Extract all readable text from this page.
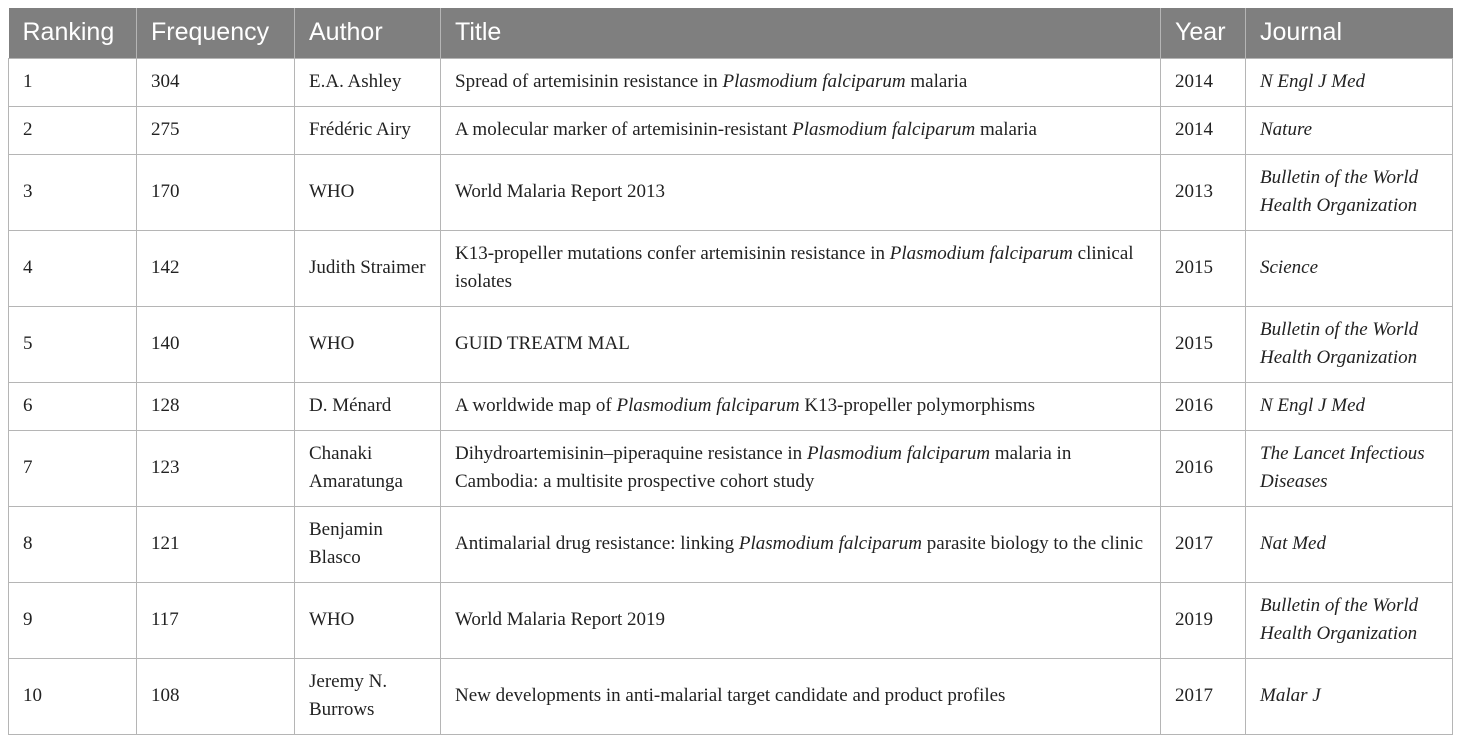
Ranking	Frequency	Author	Title	Year	Journal
1	304	E.A. Ashley	Spread of artemisinin resistance in Plasmodium falciparum malaria	2014	N Engl J Med
2	275	Frédéric Airy	A molecular marker of artemisinin-resistant Plasmodium falciparum malaria	2014	Nature
3	170	WHO	World Malaria Report 2013	2013	Bulletin of the World Health Organization
4	142	Judith Straimer	K13-propeller mutations confer artemisinin resistance in Plasmodium falciparum clinical isolates	2015	Science
5	140	WHO	GUID TREATM MAL	2015	Bulletin of the World Health Organization
6	128	D. Ménard	A worldwide map of Plasmodium falciparum K13-propeller polymorphisms	2016	N Engl J Med
7	123	Chanaki Amaratunga	Dihydroartemisinin–piperaquine resistance in Plasmodium falciparum malaria in Cambodia: a multisite prospective cohort study	2016	The Lancet Infectious Diseases
8	121	Benjamin Blasco	Antimalarial drug resistance: linking Plasmodium falciparum parasite biology to the clinic	2017	Nat Med
9	117	WHO	World Malaria Report 2019	2019	Bulletin of the World Health Organization
10	108	Jeremy N. Burrows	New developments in anti-malarial target candidate and product profiles	2017	Malar J
